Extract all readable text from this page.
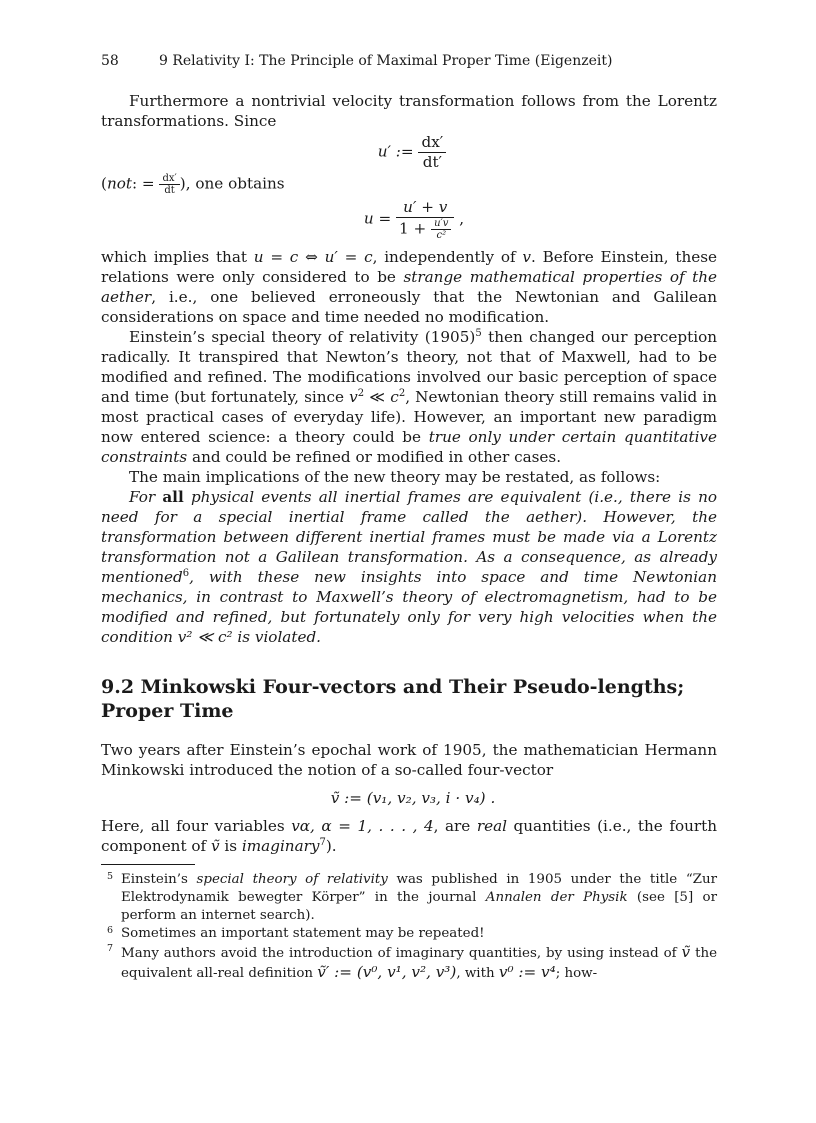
58	9 Relativity I: The Principle of Maximal Proper Time (Eigenzeit)

Furthermore a nontrivial velocity transformation follows from the Lorentz transformations. Since

u′ := $\frac{dx'}{dt'}$

(not: = $\frac{dx'}{dt}$ ), one obtains

$u = \frac{u' + v}{1 + \frac{u'v}{\text{c²}}}$ ,

which implies that u = c ⇔ u′ = c, independently of v. Before Einstein, these relations were only considered to be strange mathematical properties of the aether, i.e., one believed erroneously that the Newtonian and Galilean considerations on space and time needed no modification.

Einstein’s special theory of relativity $(1905)^5$ then changed our perception radically. It transpired that Newton’s theory, not that of Maxwell, had to be modified and refined. The modifications involved our basic perception of space and time (but fortunately, since $v^2$ ≪ $c^2$, Newtonian theory still remains valid in most practical cases of everyday life). However, an important new paradigm now entered science: a theory could be true only under certain quantitative constraints and could be refined or modified in other cases.

The main implications of the new theory may be restated, as follows:

For all physical events all inertial frames are equivalent (i.e., there is no need for a special inertial frame called the aether). However, the transformation between different inertial frames must be made via a Lorentz transformation not a Galilean transformation. As a consequence, as already mentioned$^6$, with these new insights into space and time Newtonian mechanics, in contrast to Maxwell’s theory of electromagnetism, had to be modified and refined, but fortunately only for very high velocities when the condition v² ≪ c² is violated.

9.2 Minkowski Four-vectors and Their Pseudo-lengths; Proper Time

Two years after Einstein’s epochal work of 1905, the mathematician Hermann Minkowski introduced the notion of a so-called four-vector

ṽ := (v₁, v₂, v₃, i · v₄) .

Here, all four variables vα, α = 1, . . . , 4, are real quantities (i.e., the fourth component of ṽ is imaginary$^7$).

5 Einstein’s special theory of relativity was published in 1905 under the title “Zur Elektrodynamik bewegter Körper” in the journal Annalen der Physik (see [5] or perform an internet search).
6 Sometimes an important statement may be repeated!
7 Many authors avoid the introduction of imaginary quantities, by using instead of ṽ the equivalent all-real definition ṽ′ := (v⁰, v¹, v², v³), with v⁰ := v⁴; how-
